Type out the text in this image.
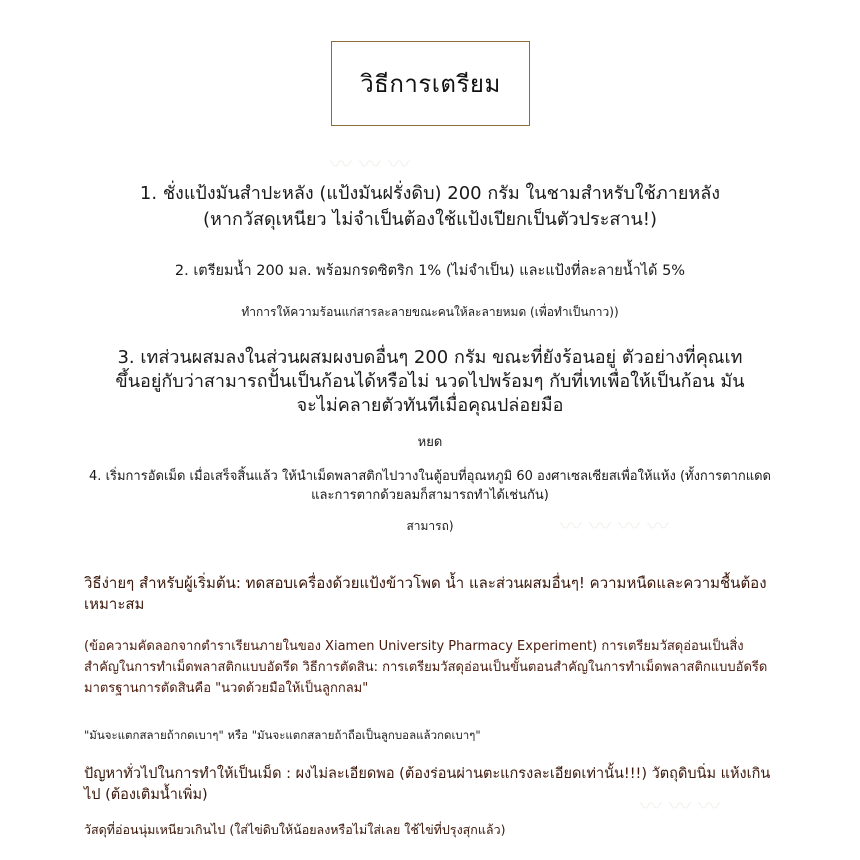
〰 〰 〰
〰 〰 〰 〰
〰 〰 〰
วิธีการเตรียม

1. ชั่งแป้งมันสำปะหลัง (แป้งมันฝรั่งดิบ) 200 กรัม ในชามสำหรับใช้ภายหลัง (หากวัสดุเหนียว ไม่จำเป็นต้องใช้แป้งเปียกเป็นตัวประสาน!)

2. เตรียมน้ำ 200 มล. พร้อมกรดซิตริก 1% (ไม่จำเป็น) และแป้งที่ละลายน้ำได้ 5%

ทำการให้ความร้อนแก่สารละลายขณะคนให้ละลายหมด (เพื่อทำเป็นกาว))

3. เทส่วนผสมลงในส่วนผสมผงบดอื่นๆ 200 กรัม ขณะที่ยังร้อนอยู่ ตัวอย่างที่คุณเทขึ้นอยู่กับว่าสามารถปั้นเป็นก้อนได้หรือไม่ นวดไปพร้อมๆ กับที่เทเพื่อให้เป็นก้อน มันจะไม่คลายตัวทันทีเมื่อคุณปล่อยมือ

หยด

4. เริ่มการอัดเม็ด เมื่อเสร็จสิ้นแล้ว ให้นำเม็ดพลาสติกไปวางในตู้อบที่อุณหภูมิ 60 องศาเซลเซียสเพื่อให้แห้ง (ทั้งการตากแดดและการตากด้วยลมก็สามารถทำได้เช่นกัน)

สามารถ)

วิธีง่ายๆ สำหรับผู้เริ่มต้น: ทดสอบเครื่องด้วยแป้งข้าวโพด น้ำ และส่วนผสมอื่นๆ! ความหนืดและความชื้นต้องเหมาะสม

(ข้อความคัดลอกจากตำราเรียนภายในของ Xiamen University Pharmacy Experiment) การเตรียมวัสดุอ่อนเป็นสิ่งสำคัญในการทำเม็ดพลาสติกแบบอัดรีด วิธีการตัดสิน: การเตรียมวัสดุอ่อนเป็นขั้นตอนสำคัญในการทำเม็ดพลาสติกแบบอัดรีด มาตรฐานการตัดสินคือ "นวดด้วยมือให้เป็นลูกกลม"

"มันจะแตกสลายถ้ากดเบาๆ" หรือ "มันจะแตกสลายถ้าถือเป็นลูกบอลแล้วกดเบาๆ"

ปัญหาทั่วไปในการทำให้เป็นเม็ด : ผงไม่ละเอียดพอ (ต้องร่อนผ่านตะแกรงละเอียดเท่านั้น!!!) วัตถุดิบนิ่ม แห้งเกินไป (ต้องเติมน้ำเพิ่ม)

วัสดุที่อ่อนนุ่มเหนียวเกินไป (ใส่ไข่ดิบให้น้อยลงหรือไม่ใส่เลย ใช้ไข่ที่ปรุงสุกแล้ว)
